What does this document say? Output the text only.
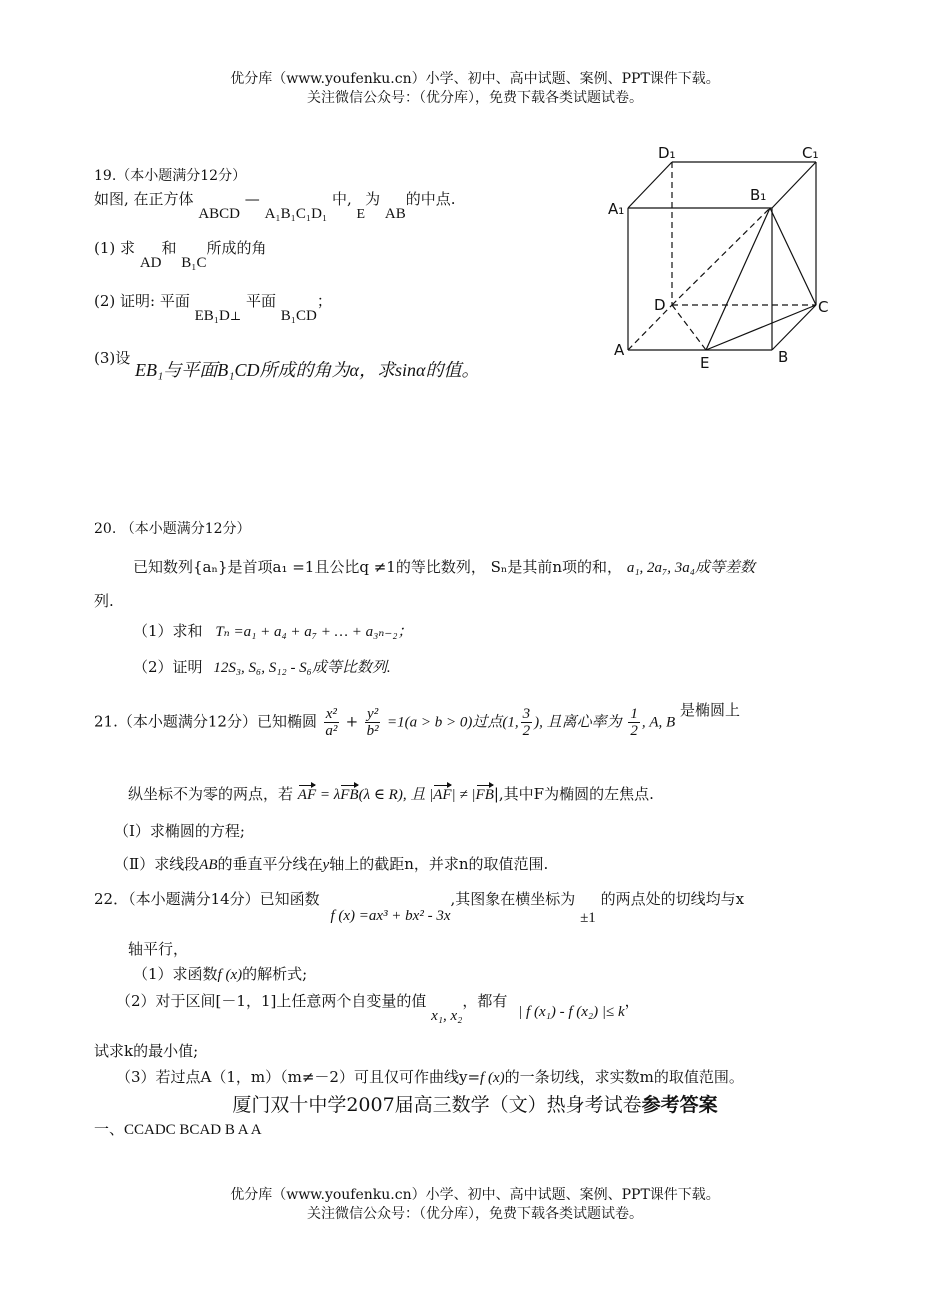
优分库（www.youfenku.cn）小学、初中、高中试题、案例、PPT课件下载。
关注微信公众号：（优分库），免费下载各类试题试卷。
19.（本小题满分12分）
如图, 在正方体 ABCD — A₁B₁C₁D₁ 中, E为 AB的中点.
(1) 求 AD和 B₁C所成的角
(2) 证明: 平面 $EB_1D_\perp$ 平面 B₁CD；
(3)设 EB₁与平面B₁CD所成的角为α，求sinα的值。
D₁	C₁
A₁
B₁
D	C
A
E	B
20. （本小题满分12分）
已知数列{aₙ}是首项a₁ =1且公比q ≠1的等比数列， Sₙ是其前n项的和， a₁, 2a₇, 3a₄成等差数
列.
（1）求和 Tₙ =a₁ + a₄ + a₇ + … + a₃ₙ₋₂；
（2）证明 12S₃, S₆, S₁₂ - S₆成等比数列.
21.（本小题满分12分）已知椭圆 $\frac{\text{x²}}{\text{a²}} + \frac{\text{y²}}{\text{b²}} =1(a > b > 0)$过点(1, $\frac{3}{2}$ ), 且离心率为 $\frac{1}{2}$ , A, B 是椭圆上
纵坐标不为零的两点，若 AF = λFB(λ ∈ R), 且 |AF| ≠ |FB|,其中F为椭圆的左焦点.
（Ⅰ）求椭圆的方程;
（Ⅱ）求线段AB的垂直平分线在y轴上的截距n，并求n的取值范围.
22．（本小题满分14分）已知函数 f (x) =ax³ + bx² - 3x,其图象在横坐标为 ±1 的两点处的切线均与x
轴平行，
（1）求函数f (x)的解析式;
（2）对于区间[－1，1]上任意两个自变量的值 x₁, x₂，都有 | f (x₁) - f (x₂) |≤ k，
试求k的最小值;
（3）若过点A（1，m）（m≠－2）可且仅可作曲线y=f (x)的一条切线，求实数m的取值范围。
厦门双十中学2007届高三数学（文）热身考试卷参考答案
一、CCADC BCAD B A A
优分库（www.youfenku.cn）小学、初中、高中试题、案例、PPT课件下载。
关注微信公众号：（优分库），免费下载各类试题试卷。
